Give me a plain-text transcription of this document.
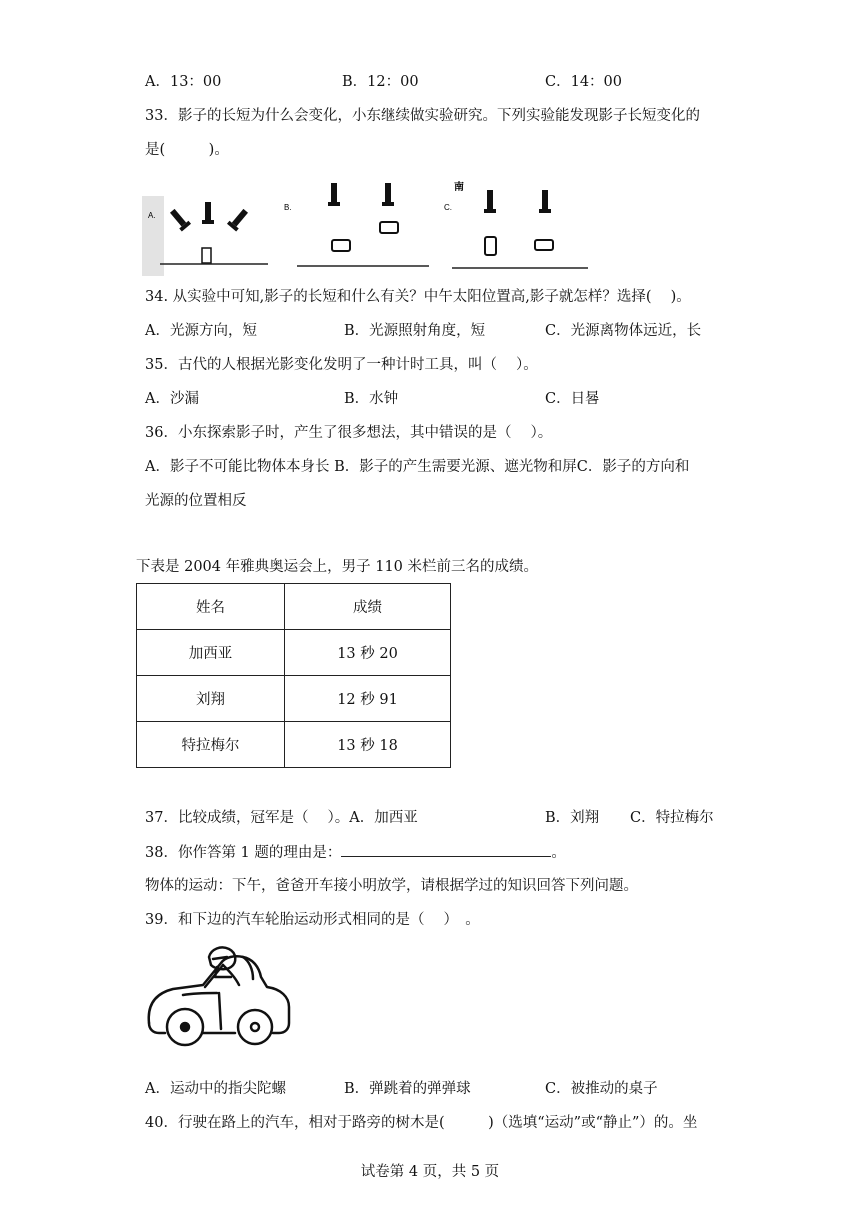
A．13：00	B．12：00	C．14：00
33．影子的长短为什么会变化，小东继续做实验研究。下列实验能发现影子长短变化的
是(　　　)。
A.
B.	C.
南
34. 从实验中可知,影子的长短和什么有关？中午太阳位置高,影子就怎样？选择(　 )。
A．光源方向，短	B．光源照射角度，短	C．光源离物体远近，长
35．古代的人根据光影变化发明了一种计时工具，叫（　 ）。
A．沙漏	B．水钟	C．日晷
36．小东探索影子时，产生了很多想法，其中错误的是（　 ）。
A．影子不可能比物体本身长 B．影子的产生需要光源、遮光物和屏C．影子的方向和
光源的位置相反
下表是 2004 年雅典奥运会上，男子 110 米栏前三名的成绩。
姓名	成绩
加西亚	13 秒 20
刘翔	12 秒 91
特拉梅尔	13 秒 18
37．比较成绩，冠军是（　 ）。A．加西亚	B．刘翔 C．特拉梅尔
38．你作答第 1 题的理由是：	。
物体的运动：下午，爸爸开车接小明放学，请根据学过的知识回答下列问题。
39．和下边的汽车轮胎运动形式相同的是（　 ）　。
A．运动中的指尖陀螺	B．弹跳着的弹弹球	C．被推动的桌子
40．行驶在路上的汽车，相对于路旁的树木是(　　　)（选填“运动”或“静止”）的。坐
试卷第 4 页，共 5 页
